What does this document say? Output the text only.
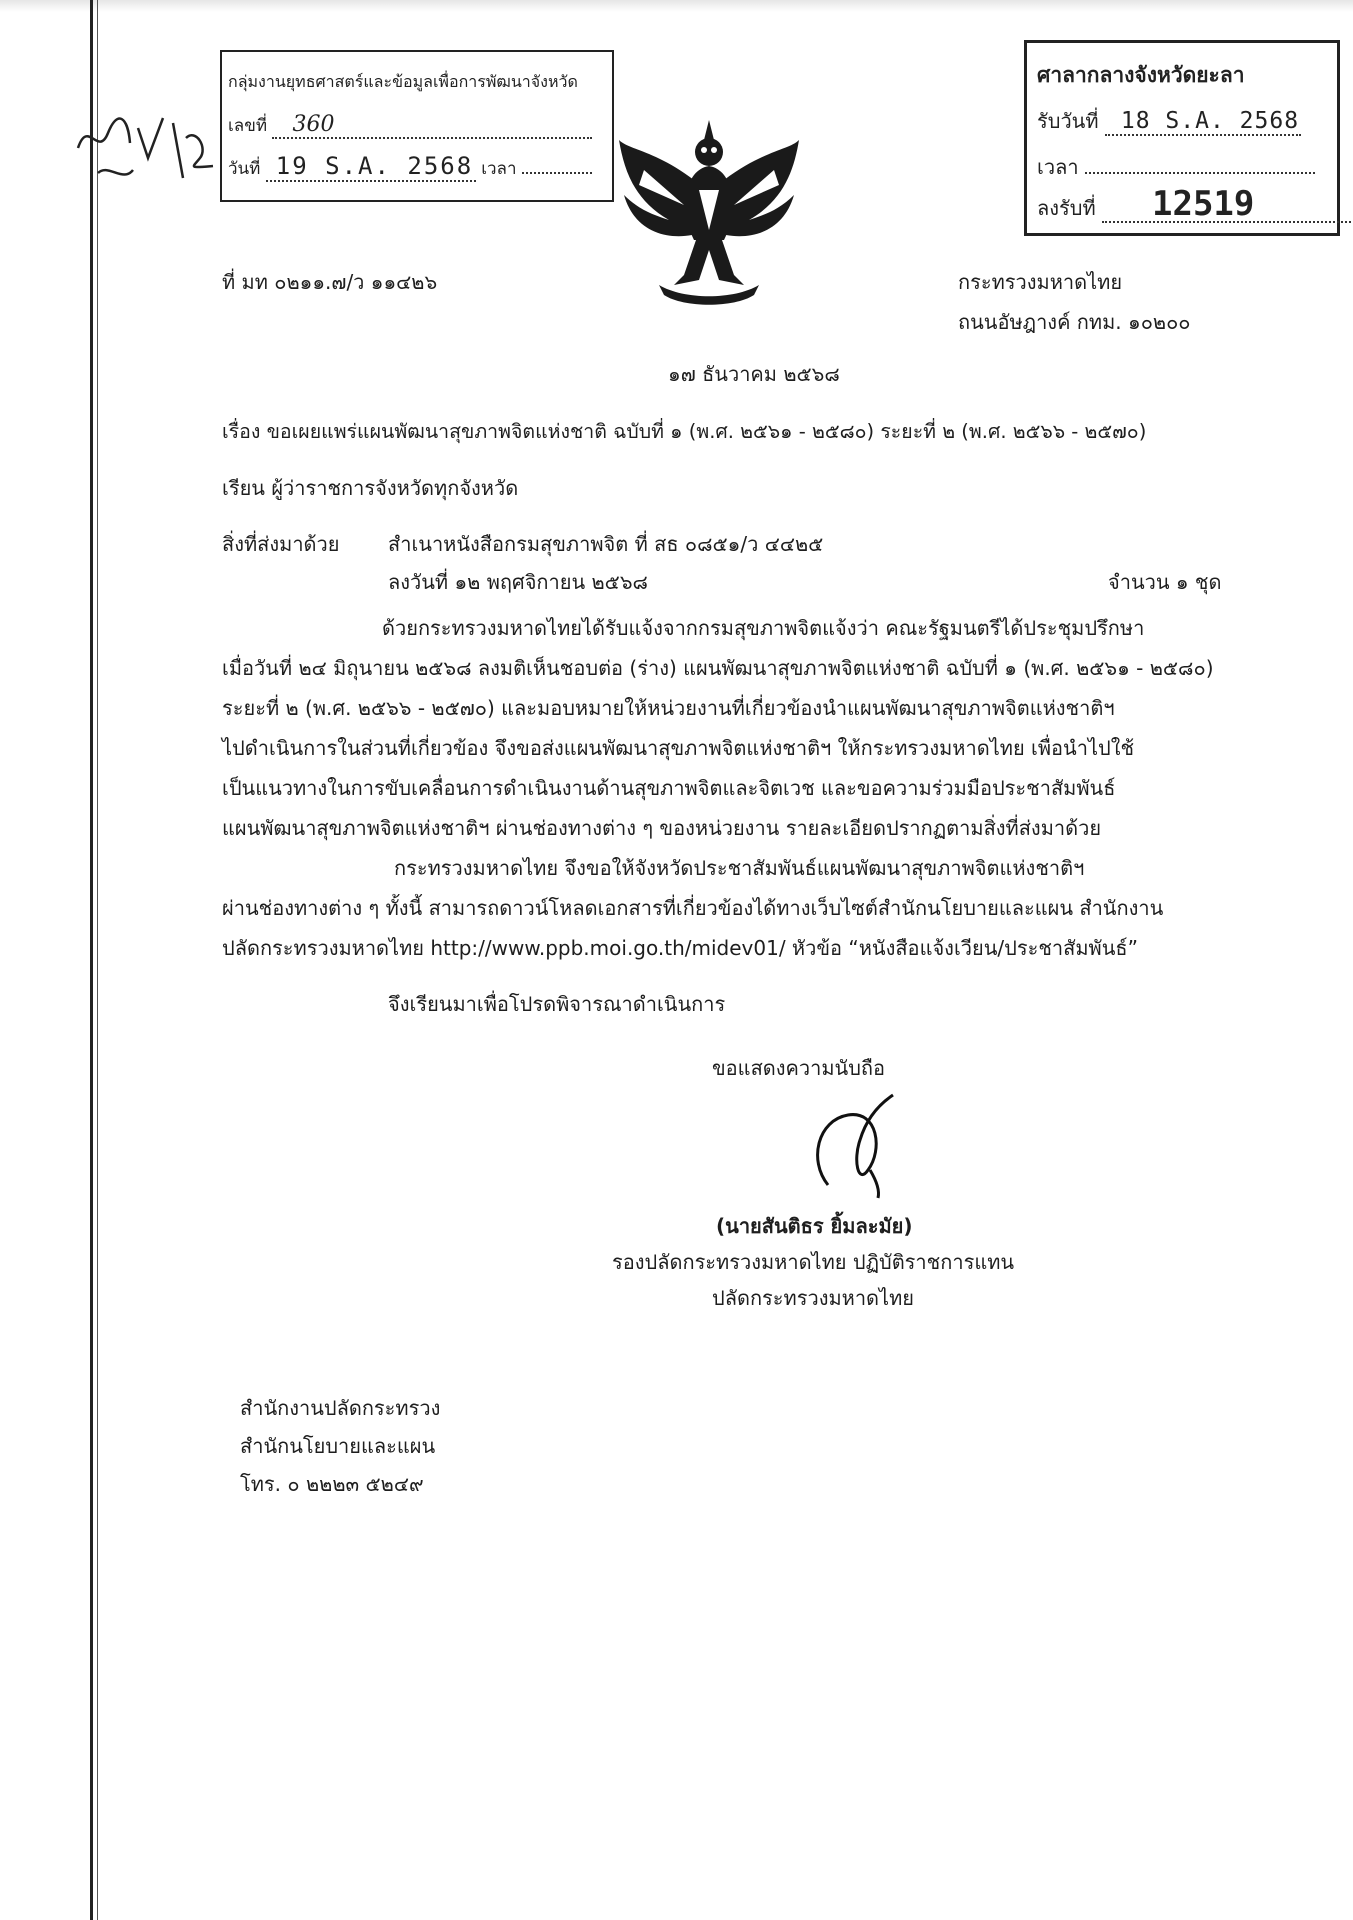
กลุ่มงานยุทธศาสตร์และข้อมูลเพื่อการพัฒนาจังหวัด
เลขที่ 360
วันที่ 19 S.A. 2568 เวลา
ศาลากลางจังหวัดยะลา
รับวันที่ 18 S.A. 2568
เวลา
ลงรับที่ 12519
ที่ มท ๐๒๑๑.๗/ว ๑๑๔๒๖	กระทรวงมหาดไทย
ถนนอัษฎางค์ กทม. ๑๐๒๐๐
๑๗ ธันวาคม ๒๕๖๘
เรื่อง ขอเผยแพร่แผนพัฒนาสุขภาพจิตแห่งชาติ ฉบับที่ ๑ (พ.ศ. ๒๕๖๑ - ๒๕๘๐) ระยะที่ ๒ (พ.ศ. ๒๕๖๖ - ๒๕๗๐)
เรียน ผู้ว่าราชการจังหวัดทุกจังหวัด
สิ่งที่ส่งมาด้วย สำเนาหนังสือกรมสุขภาพจิต ที่ สธ ๐๘๕๑/ว ๔๔๒๕
ลงวันที่ ๑๒ พฤศจิกายน ๒๕๖๘	จำนวน ๑ ชุด
ด้วยกระทรวงมหาดไทยได้รับแจ้งจากกรมสุขภาพจิตแจ้งว่า คณะรัฐมนตรีได้ประชุมปรึกษา
เมื่อวันที่ ๒๔ มิถุนายน ๒๕๖๘ ลงมติเห็นชอบต่อ (ร่าง) แผนพัฒนาสุขภาพจิตแห่งชาติ ฉบับที่ ๑ (พ.ศ. ๒๕๖๑ - ๒๕๘๐)
ระยะที่ ๒ (พ.ศ. ๒๕๖๖ - ๒๕๗๐) และมอบหมายให้หน่วยงานที่เกี่ยวข้องนำแผนพัฒนาสุขภาพจิตแห่งชาติฯ
ไปดำเนินการในส่วนที่เกี่ยวข้อง จึงขอส่งแผนพัฒนาสุขภาพจิตแห่งชาติฯ ให้กระทรวงมหาดไทย เพื่อนำไปใช้
เป็นแนวทางในการขับเคลื่อนการดำเนินงานด้านสุขภาพจิตและจิตเวช และขอความร่วมมือประชาสัมพันธ์
แผนพัฒนาสุขภาพจิตแห่งชาติฯ ผ่านช่องทางต่าง ๆ ของหน่วยงาน รายละเอียดปรากฏตามสิ่งที่ส่งมาด้วย
กระทรวงมหาดไทย จึงขอให้จังหวัดประชาสัมพันธ์แผนพัฒนาสุขภาพจิตแห่งชาติฯ
ผ่านช่องทางต่าง ๆ ทั้งนี้ สามารถดาวน์โหลดเอกสารที่เกี่ยวข้องได้ทางเว็บไซต์สำนักนโยบายและแผน สำนักงาน
ปลัดกระทรวงมหาดไทย http://www.ppb.moi.go.th/midev01/ หัวข้อ “หนังสือแจ้งเวียน/ประชาสัมพันธ์”
จึงเรียนมาเพื่อโปรดพิจารณาดำเนินการ
ขอแสดงความนับถือ
(นายสันติธร ยิ้มละมัย)
รองปลัดกระทรวงมหาดไทย ปฏิบัติราชการแทน
ปลัดกระทรวงมหาดไทย
สำนักงานปลัดกระทรวง
สำนักนโยบายและแผน
โทร. ๐ ๒๒๒๓ ๕๒๔๙
